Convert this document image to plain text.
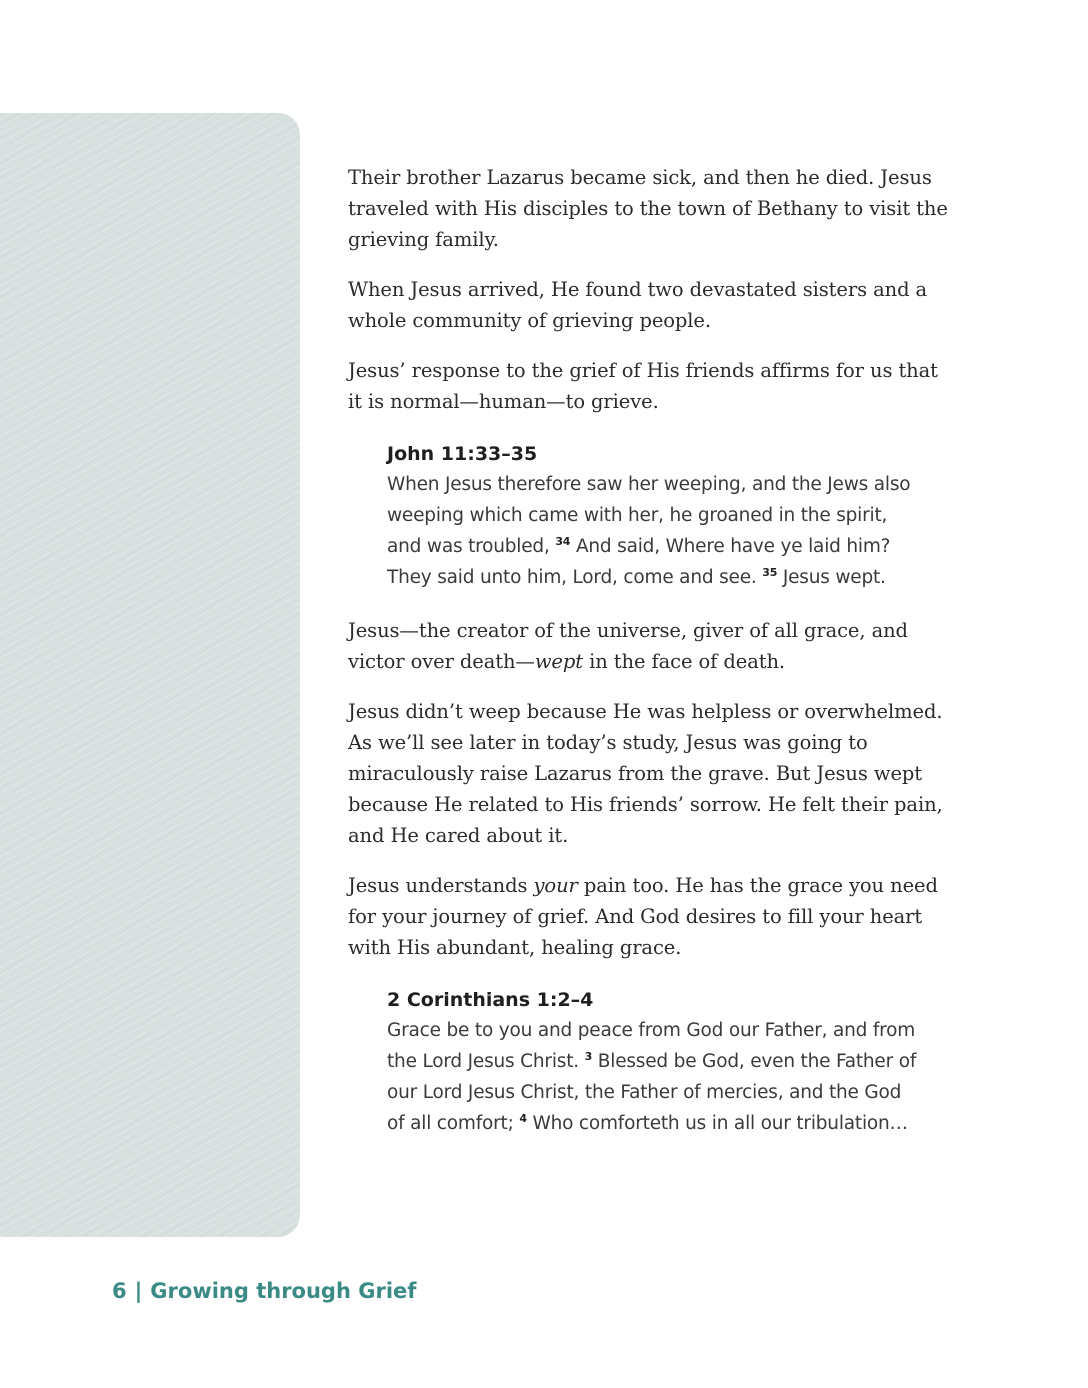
Their brother Lazarus became sick, and then he died. Jesus traveled with His disciples to the town of Bethany to visit the grieving family.

When Jesus arrived, He found two devastated sisters and a whole community of grieving people.

Jesus’ response to the grief of His friends affirms for us that it is normal—human—to grieve.

John 11:33–35

When Jesus therefore saw her weeping, and the Jews also weeping which came with her, he groaned in the spirit, and was troubled, $^{34}$ And said, Where have ye laid him? They said unto him, Lord, come and see. $^{35}$ Jesus wept.

Jesus—the creator of the universe, giver of all grace, and victor over death—wept in the face of death.

Jesus didn’t weep because He was helpless or overwhelmed. As we’ll see later in today’s study, Jesus was going to miraculously raise Lazarus from the grave. But Jesus wept because He related to His friends’ sorrow. He felt their pain, and He cared about it.

Jesus understands your pain too. He has the grace you need for your journey of grief. And God desires to fill your heart with His abundant, healing grace.

2 Corinthians 1:2–4

Grace be to you and peace from God our Father, and from the Lord Jesus Christ. $^3$ Blessed be God, even the Father of our Lord Jesus Christ, the Father of mercies, and the God of all comfort; $^4$ Who comforteth us in all our tribulation…

6 | Growing through Grief
